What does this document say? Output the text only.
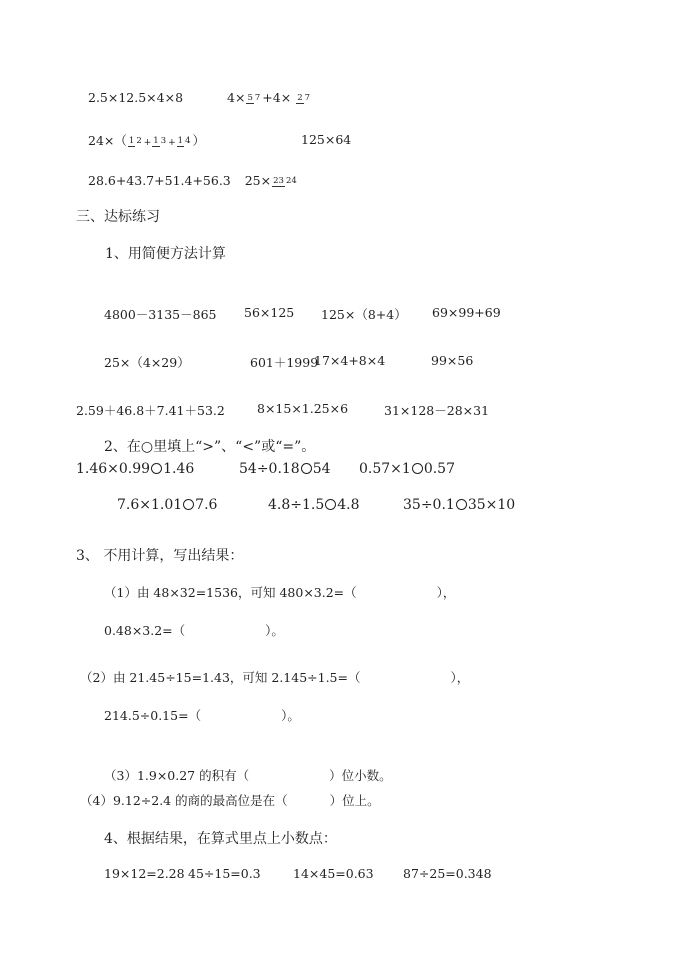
2.5×12.5×4×8	4× 5 7 +4× 2 7
24×（ 1 2 + 1 3 + 1 4 ）	125×64
28.6+43.7+51.4+56.3 25× 23 24
三、达标练习
1、用简便方法计算
4800－3135－865 56×125 125×（8+4） 69×99+69
25×（4×29）	601＋1999
17×4+8×4	99×56
2.59＋46.8＋7.41＋53.2	8×15×1.25×6	31×128－28×31
2、在○里填上“>”、“<”或“=”。
1.46×0.99 1.46	54÷0.18 54 0.57×1 0.57
7.6×1.01 7.6	4.8÷1.5 4.8	35÷0.1 35×10
3、 不用计算，写出结果：
（1）由 48×32=1536，可知 480×3.2=（	），
0.48×3.2=（	）。
（2）由 21.45÷15=1.43，可知 2.145÷1.5=（	），
214.5÷0.15=（	）。
（3）1.9×0.27 的积有（	）位小数。
（4）9.12÷2.4 的商的最高位是在（	）位上。
4、根据结果，在算式里点上小数点：
19×12=2.28 45÷15=0.3	14×45=0.63 87÷25=0.348
